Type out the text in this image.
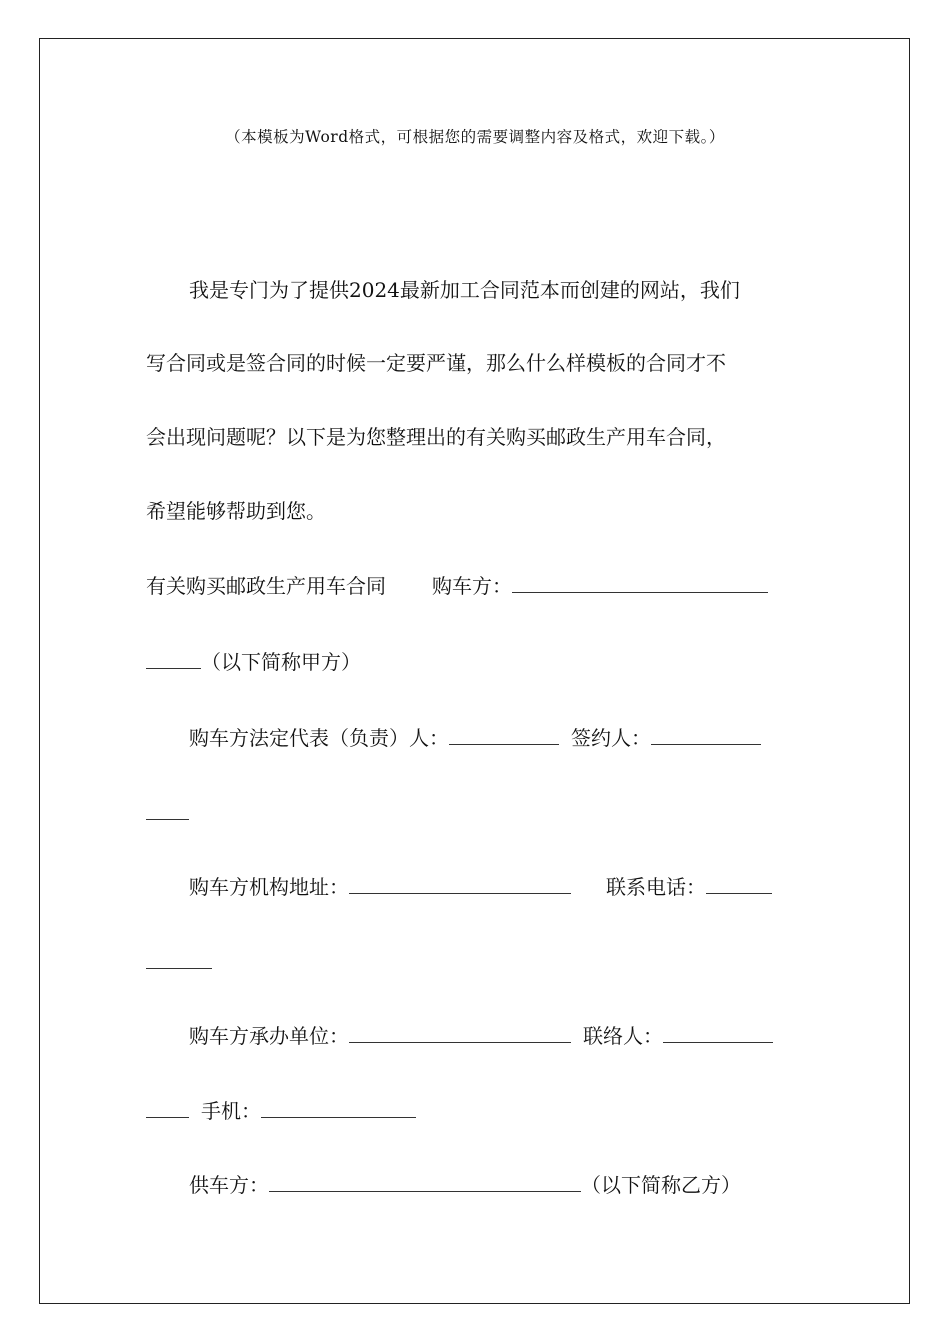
（本模板为Word格式，可根据您的需要调整内容及格式，欢迎下载。）
我是专门为了提供2024最新加工合同范本而创建的网站，我们
写合同或是签合同的时候一定要严谨，那么什么样模板的合同才不
会出现问题呢？以下是为您整理出的有关购买邮政生产用车合同，
希望能够帮助到您。
有关购买邮政生产用车合同 购车方：
（以下简称甲方）
购车方法定代表（负责）人：	签约人：
购车方机构地址：	联系电话：
购车方承办单位：	联络人：
手机：
供车方：	（以下简称乙方）
